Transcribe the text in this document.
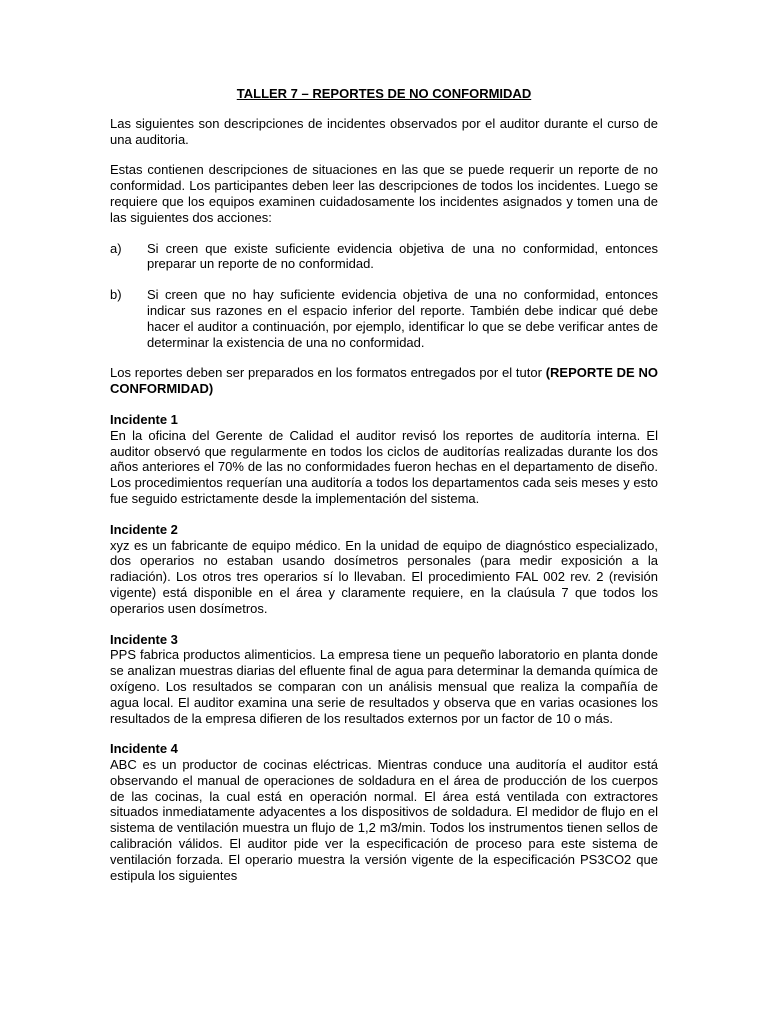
TALLER 7 – REPORTES DE NO CONFORMIDAD

Las siguientes son descripciones de incidentes observados por el auditor durante el curso de una auditoria.

Estas contienen descripciones de situaciones en las que se puede requerir un reporte de no conformidad. Los participantes deben leer las descripciones de todos los incidentes. Luego se requiere que los equipos examinen cuidadosamente los incidentes asignados y tomen una de las siguientes dos acciones:

a)	Si creen que existe suficiente evidencia objetiva de una no conformidad, entonces preparar un reporte de no conformidad.
b)	Si creen que no hay suficiente evidencia objetiva de una no conformidad, entonces indicar sus razones en el espacio inferior del reporte. También debe indicar qué debe hacer el auditor a continuación, por ejemplo, identificar lo que se debe verificar antes de determinar la existencia de una no conformidad.

Los reportes deben ser preparados en los formatos entregados por el tutor (REPORTE DE NO CONFORMIDAD)

Incidente 1

En la oficina del Gerente de Calidad el auditor revisó los reportes de auditoría interna. El auditor observó que regularmente en todos los ciclos de auditorías realizadas durante los dos años anteriores el 70% de las no conformidades fueron hechas en el departamento de diseño. Los procedimientos requerían una auditoría a todos los departamentos cada seis meses y esto fue seguido estrictamente desde la implementación del sistema.

Incidente 2

xyz es un fabricante de equipo médico. En la unidad de equipo de diagnóstico especializado, dos operarios no estaban usando dosímetros personales (para medir exposición a la radiación). Los otros tres operarios sí lo llevaban. El procedimiento FAL 002 rev. 2 (revisión vigente) está disponible en el área y claramente requiere, en la claúsula 7 que todos los operarios usen dosímetros.

Incidente 3

PPS fabrica productos alimenticios. La empresa tiene un pequeño laboratorio en planta donde se analizan muestras diarias del efluente final de agua para determinar la demanda química de oxígeno. Los resultados se comparan con un análisis mensual que realiza la compañía de agua local. El auditor examina una serie de resultados y observa que en varias ocasiones los resultados de la empresa difieren de los resultados externos por un factor de 10 o más.

Incidente 4

ABC es un productor de cocinas eléctricas. Mientras conduce una auditoría el auditor está observando el manual de operaciones de soldadura en el área de producción de los cuerpos de las cocinas, la cual está en operación normal. El área está ventilada con extractores situados inmediatamente adyacentes a los dispositivos de soldadura. El medidor de flujo en el sistema de ventilación muestra un flujo de 1,2 m3/min. Todos los instrumentos tienen sellos de calibración válidos. El auditor pide ver la especificación de proceso para este sistema de ventilación forzada. El operario muestra la versión vigente de la especificación PS3CO2 que estipula los siguientes
